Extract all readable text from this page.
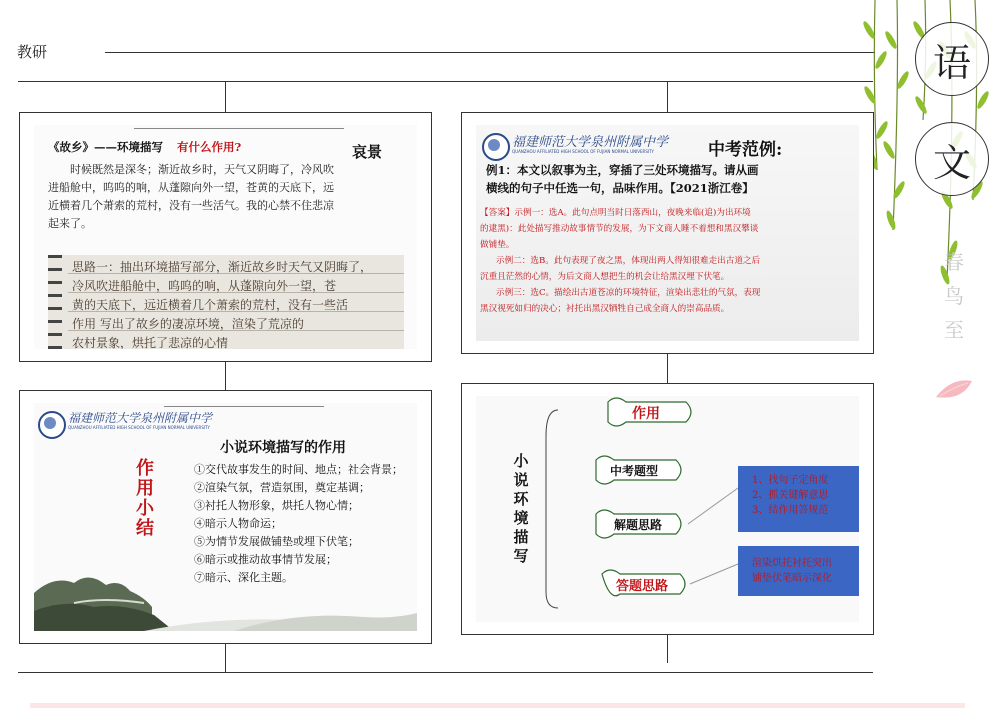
教研	语
文
春
鸟
至
《故乡》——环境描写 有什么作用?	哀景
时候既然是深冬；渐近故乡时，天气又阴晦了，冷风吹
进船舱中，呜呜的响，从蓬隙向外一望，苍黄的天底下，远
近横着几个萧索的荒村，没有一些活气。我的心禁不住悲凉
起来了。
思路一：抽出环境描写部分，渐近故乡时天气又阴晦了，
冷风吹进船舱中，呜呜的响，从蓬隙向外一望，苍
黄的天底下，远近横着几个萧索的荒村，没有一些活
作用 写出了故乡的凄凉环境，渲染了荒凉的
农村景象，烘托了悲凉的心情
福建师范大学泉州附属中学
QUANZHOU AFFILIATED HIGH SCHOOL OF FUJIAN NORMAL UNIVERSITY	中考范例:
例1：本文以叙事为主，穿插了三处环境描写。请从画
横线的句子中任选一句，品味作用。【2021浙江卷】
【答案】示例一：选A。此句点明当时日落西山，夜晚来临(追)为出环境
的逮黑)：此处描写推动故事情节的发展，为下文商人睡不着想和黑汉攀谈
做铺垫。
示例二：选B。此句表现了夜之黑，体现出两人得知很难走出古道之后
沉重且茫然的心情，为后文商人想把生的机会让给黑汉埋下伏笔。
示例三：选C。描绘出古道苍凉的环境特征，渲染出悲壮的气氛，表现
黑汉视死如归的决心；衬托出黑汉牺牲自己成全商人的崇高品质。
福建师范大学泉州附属中学
QUANZHOU AFFILIATED HIGH SCHOOL OF FUJIAN NORMAL UNIVERSITY
小说环境描写的作用
作
用
小
结
①交代故事发生的时间、地点；社会背景；
②渲染气氛，营造氛围，奠定基调；
③衬托人物形象，烘托人物心情；
④暗示人物命运；
⑤为情节发展做铺垫或埋下伏笔；
⑥暗示或推动故事情节发展；
⑦暗示、深化主题。
小
说
环
境
描
写
作用
中考题型
解题思路
答题思路
1、找句子定角度
2、抓关键解意思
3、结作用答规范
渲染烘托衬托突出
铺垫伏笔暗示深化
